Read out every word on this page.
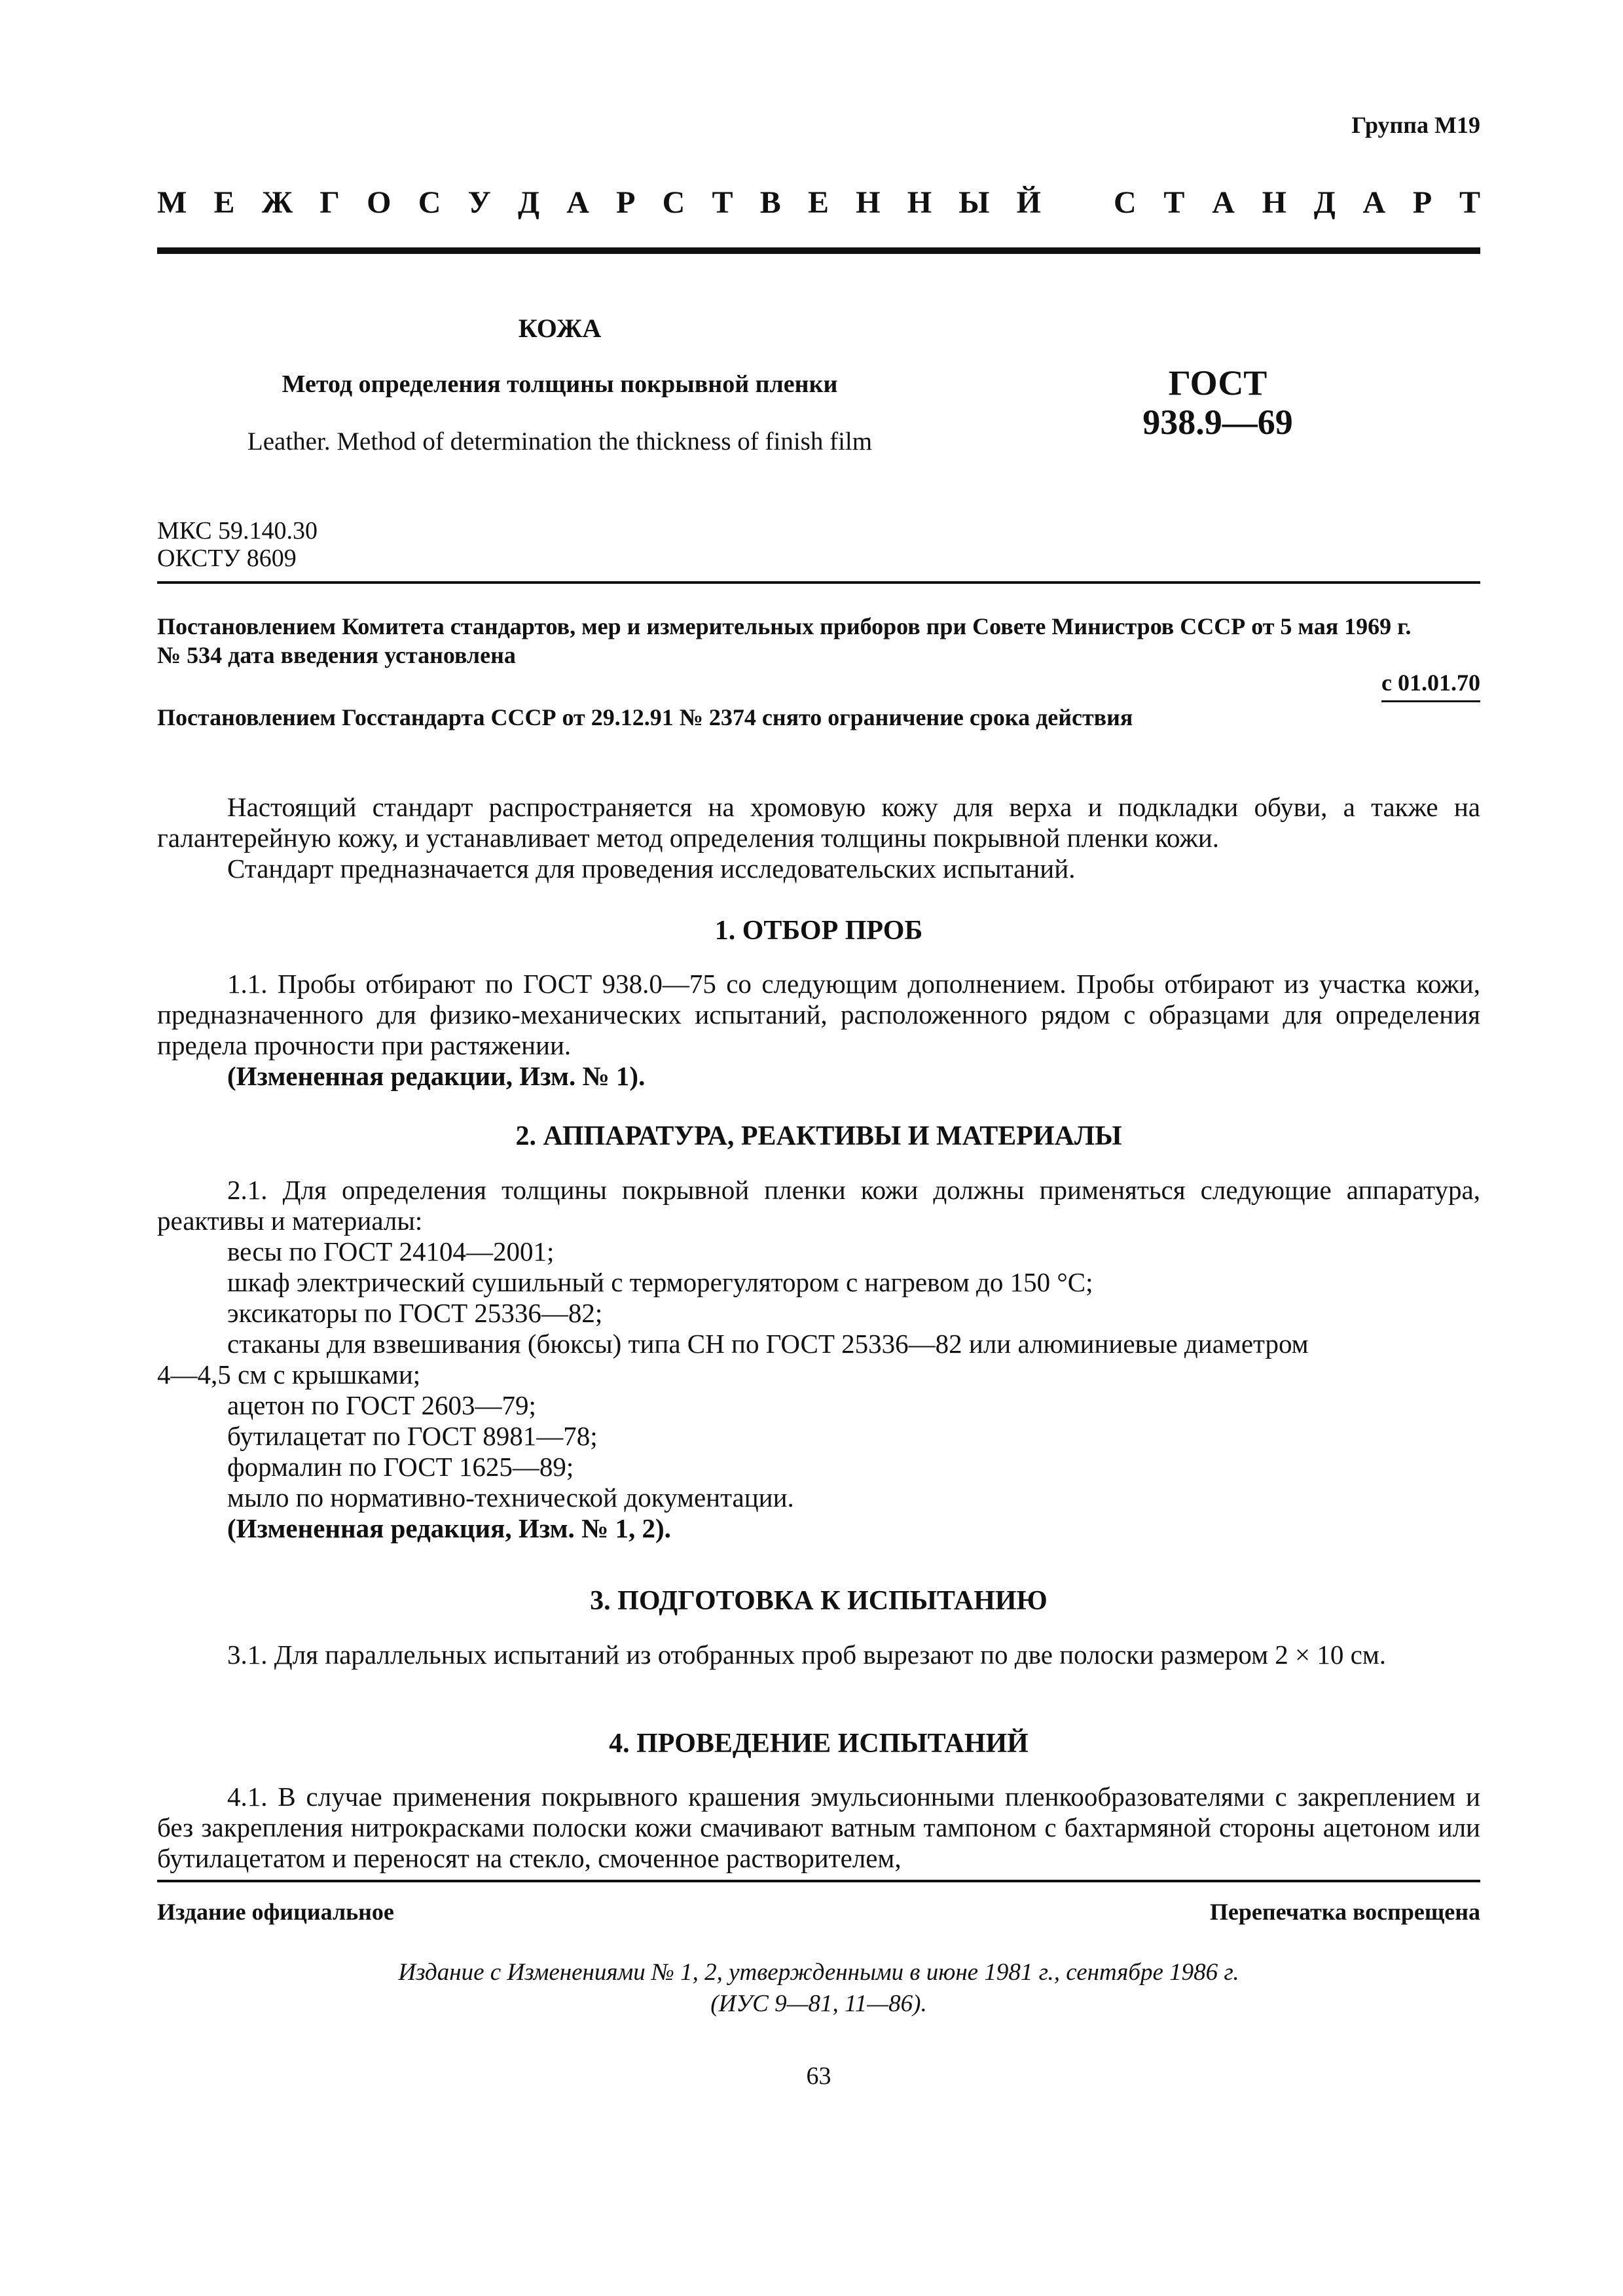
Группа М19
М Е Ж Г О С У Д А Р С Т В Е Н Н Ы Й С Т А Н Д А Р Т
КОЖА
Метод определения толщины покрывной пленки
Leather. Method of determination the thickness of finish film
ГОСТ
938.9—69
МКС 59.140.30
ОКСТУ 8609
Постановлением Комитета стандартов, мер и измерительных приборов при Совете Министров СССР от 5 мая 1969 г.
№ 534 дата введения установлена
с 01.01.70
Постановлением Госстандарта СССР от 29.12.91 № 2374 снято ограничение срока действия

Настоящий стандарт распространяется на хромовую кожу для верха и подкладки обуви, а также на галантерейную кожу, и устанавливает метод определения толщины покрывной пленки кожи.

Стандарт предназначается для проведения исследовательских испытаний.

1. ОТБОР ПРОБ

1.1. Пробы отбирают по ГОСТ 938.0—75 со следующим дополнением. Пробы отбирают из участка кожи, предназначенного для физико-механических испытаний, расположенного рядом с образцами для определения предела прочности при растяжении.

(Измененная редакции, Изм. № 1).

2. АППАРАТУРА, РЕАКТИВЫ И МАТЕРИАЛЫ

2.1. Для определения толщины покрывной пленки кожи должны применяться следующие аппаратура, реактивы и материалы:

весы по ГОСТ 24104—2001;

шкаф электрический сушильный с терморегулятором с нагревом до 150 °С;

эксикаторы по ГОСТ 25336—82;

стаканы для взвешивания (бюксы) типа СН по ГОСТ 25336—82 или алюминиевые диаметром

4—4,5 см с крышками;

ацетон по ГОСТ 2603—79;

бутилацетат по ГОСТ 8981—78;

формалин по ГОСТ 1625—89;

мыло по нормативно-технической документации.

(Измененная редакция, Изм. № 1, 2).

3. ПОДГОТОВКА К ИСПЫТАНИЮ

3.1. Для параллельных испытаний из отобранных проб вырезают по две полоски размером 2 × 10 см.

4. ПРОВЕДЕНИЕ ИСПЫТАНИЙ

4.1. В случае применения покрывного крашения эмульсионными пленкообразователями с закреплением и без закрепления нитрокрасками полоски кожи смачивают ватным тампоном с бахтармяной стороны ацетоном или бутилацетатом и переносят на стекло, смоченное растворителем,

Издание официальное	Перепечатка воспрещена
Издание с Изменениями № 1, 2, утвержденными в июне 1981 г., сентябре 1986 г.
(ИУС 9—81, 11—86).
63
